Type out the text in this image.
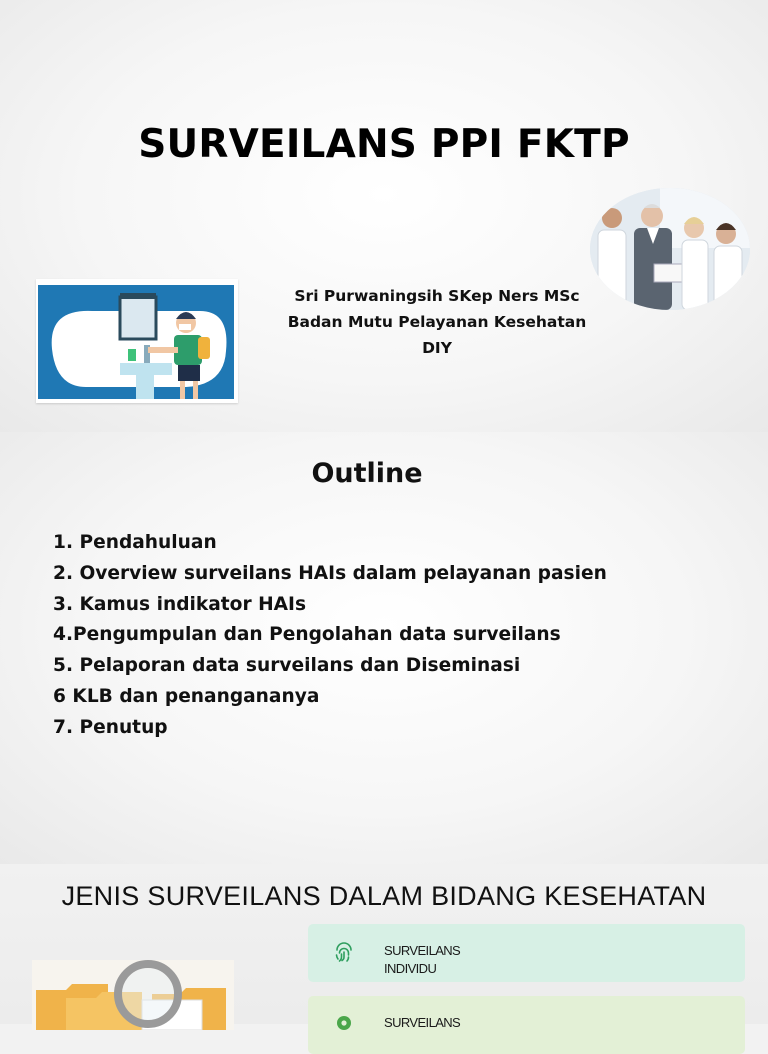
SURVEILANS PPI FKTP
Sri Purwaningsih SKep Ners MSc
Badan Mutu Pelayanan Kesehatan
DIY
Outline
1. Pendahuluan
2. Overview surveilans HAIs dalam pelayanan pasien
3. Kamus indikator HAIs
4.Pengumpulan dan Pengolahan data surveilans
5. Pelaporan data surveilans dan Diseminasi
6 KLB dan penangananya
7. Penutup
JENIS SURVEILANS DALAM BIDANG KESEHATAN
SURVEILANS
INDIVIDU
SURVEILANS
